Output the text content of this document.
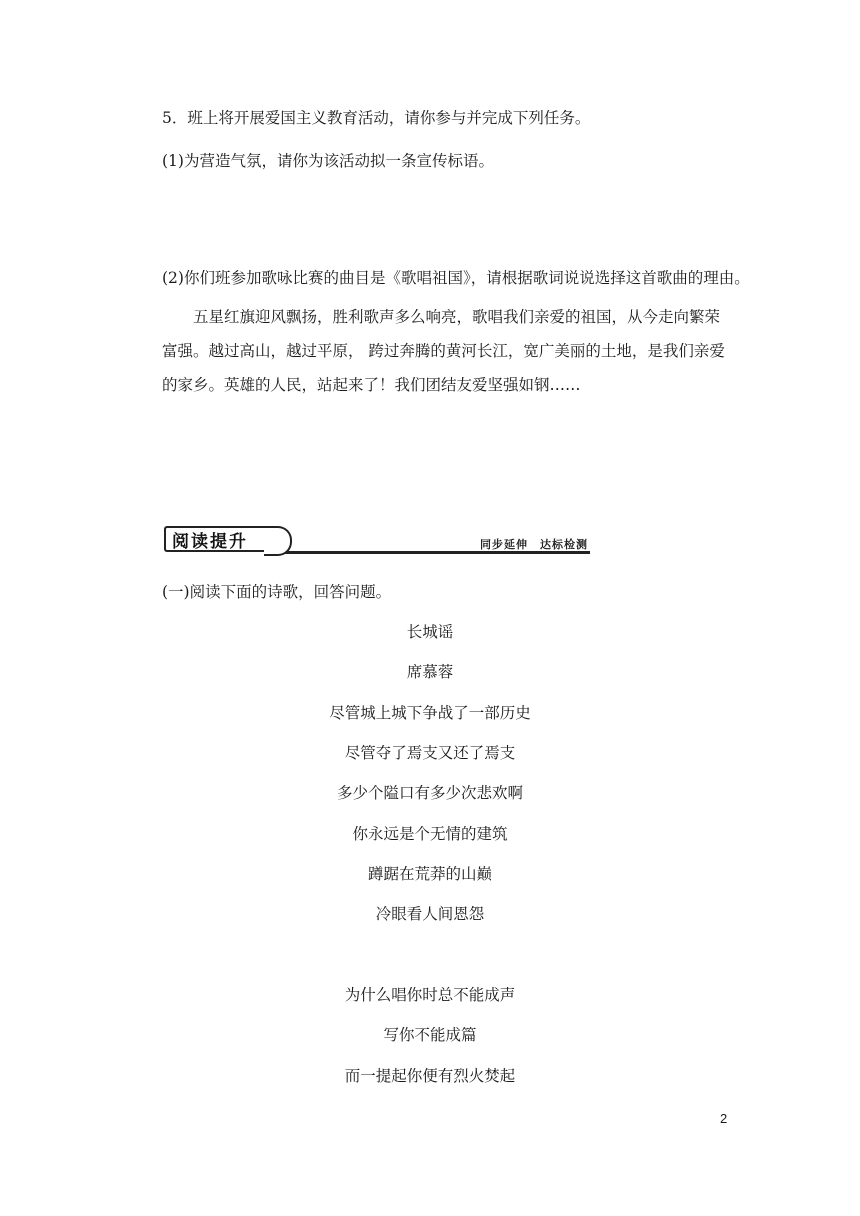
5．班上将开展爱国主义教育活动，请你参与并完成下列任务。
(1)为营造气氛，请你为该活动拟一条宣传标语。
(2)你们班参加歌咏比赛的曲目是《歌唱祖国》，请根据歌词说说选择这首歌曲的理由。
五星红旗迎风飘扬，胜利歌声多么响亮，歌唱我们亲爱的祖国，从今走向繁荣富强。越过高山，越过平原， 跨过奔腾的黄河长江，宽广美丽的土地，是我们亲爱的家乡。英雄的人民，站起来了！我们团结友爱坚强如钢……
阅读提升	同步延伸　达标检测
(一)阅读下面的诗歌，回答问题。
长城谣
席慕蓉
尽管城上城下争战了一部历史
尽管夺了焉支又还了焉支
多少个隘口有多少次悲欢啊
你永远是个无情的建筑
蹲踞在荒莽的山巅
冷眼看人间恩怨
为什么唱你时总不能成声
写你不能成篇
而一提起你便有烈火焚起
2
